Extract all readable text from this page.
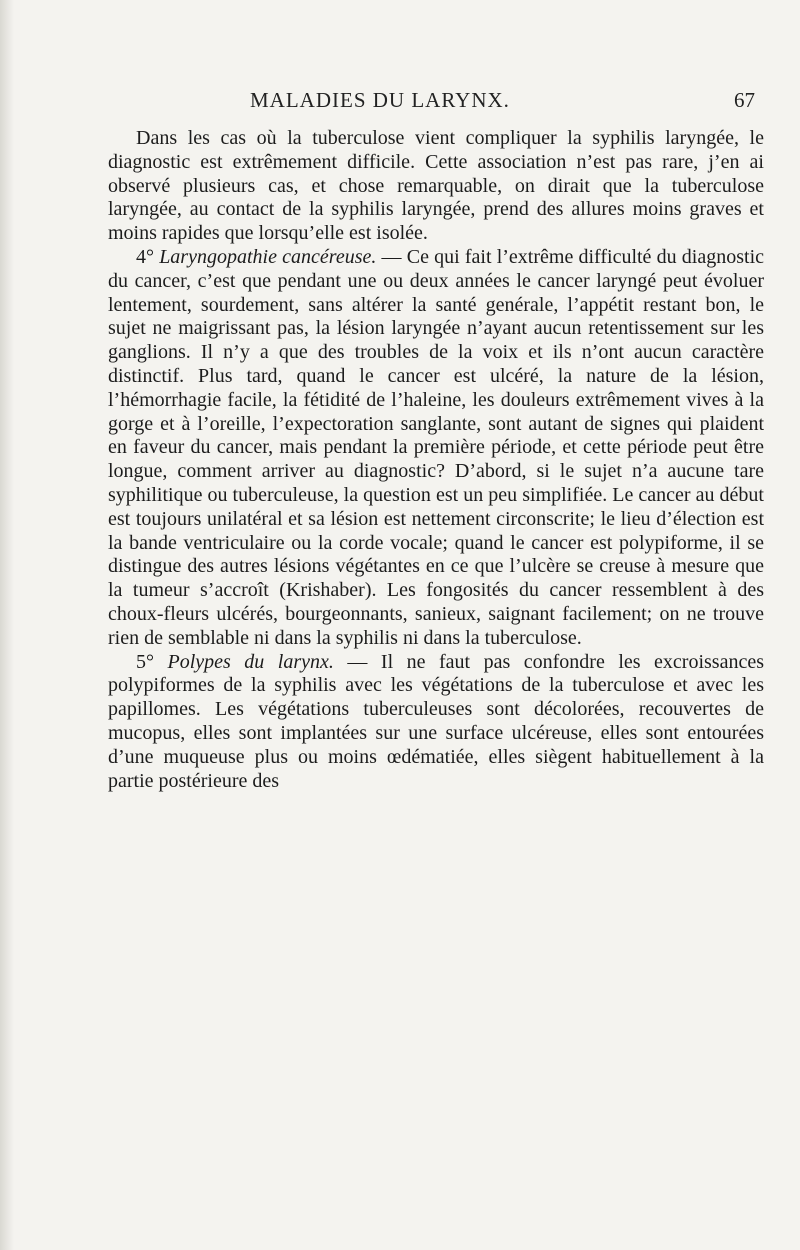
MALADIES DU LARYNX.	67

Dans les cas où la tuberculose vient compliquer la syphilis laryngée, le diagnostic est extrêmement difficile. Cette association n’est pas rare, j’en ai observé plusieurs cas, et chose remarquable, on dirait que la tuberculose laryngée, au contact de la syphilis laryngée, prend des allures moins graves et moins rapides que lorsqu’elle est isolée.

4° Laryngopathie cancéreuse. — Ce qui fait l’extrême difficulté du diagnostic du cancer, c’est que pendant une ou deux années le cancer laryngé peut évoluer lentement, sourdement, sans altérer la santé genérale, l’appétit restant bon, le sujet ne maigrissant pas, la lésion laryngée n’ayant aucun retentissement sur les ganglions. Il n’y a que des troubles de la voix et ils n’ont aucun caractère distinctif. Plus tard, quand le cancer est ulcéré, la nature de la lésion, l’hémorrhagie facile, la fétidité de l’haleine, les douleurs extrêmement vives à la gorge et à l’oreille, l’expectoration sanglante, sont autant de signes qui plaident en faveur du cancer, mais pendant la première période, et cette période peut être longue, comment arriver au diagnostic? D’abord, si le sujet n’a aucune tare syphilitique ou tuberculeuse, la question est un peu simplifiée. Le cancer au début est toujours unilatéral et sa lésion est nettement circonscrite; le lieu d’élection est la bande ventriculaire ou la corde vocale; quand le cancer est polypiforme, il se distingue des autres lésions végétantes en ce que l’ulcère se creuse à mesure que la tumeur s’accroît (Krishaber). Les fongosités du cancer ressemblent à des choux-fleurs ulcérés, bourgeonnants, sanieux, saignant facilement; on ne trouve rien de semblable ni dans la syphilis ni dans la tuberculose.

5° Polypes du larynx. — Il ne faut pas confondre les excroissances polypiformes de la syphilis avec les végétations de la tuberculose et avec les papillomes. Les végétations tuberculeuses sont décolorées, recouvertes de mucopus, elles sont implantées sur une surface ulcéreuse, elles sont entourées d’une muqueuse plus ou moins œdématiée, elles siègent habituellement à la partie postérieure des
